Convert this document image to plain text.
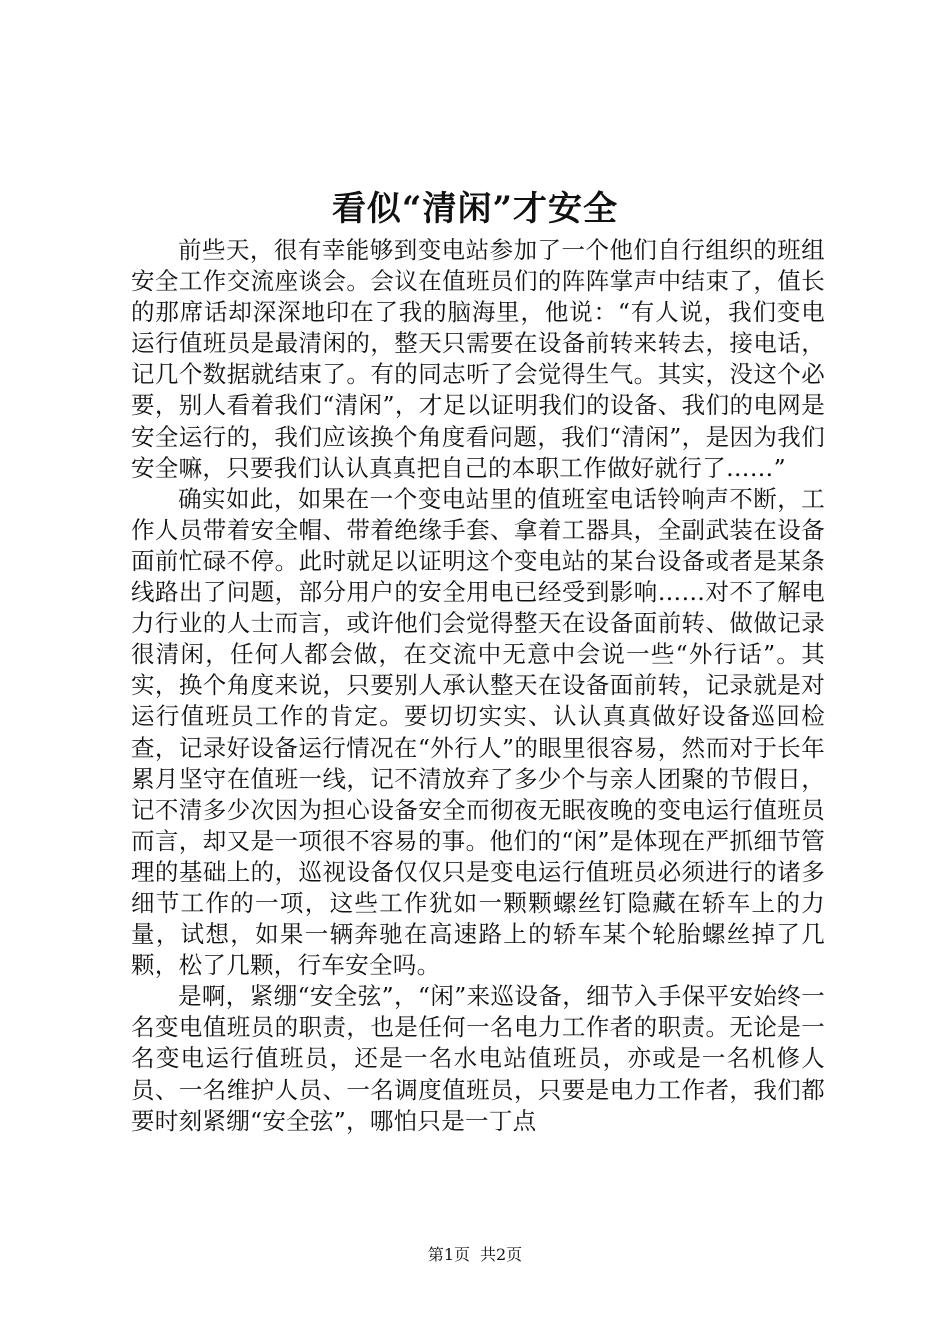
看似“清闲”才安全

前些天，很有幸能够到变电站参加了一个他们自行组织的班组安全工作交流座谈会。会议在值班员们的阵阵掌声中结束了，值长的那席话却深深地印在了我的脑海里，他说：“有人说，我们变电运行值班员是最清闲的，整天只需要在设备前转来转去，接电话，记几个数据就结束了。有的同志听了会觉得生气。其实，没这个必要，别人看着我们“清闲”，才足以证明我们的设备、我们的电网是安全运行的，我们应该换个角度看问题，我们“清闲”，是因为我们安全嘛，只要我们认认真真把自己的本职工作做好就行了……”

确实如此，如果在一个变电站里的值班室电话铃响声不断，工作人员带着安全帽、带着绝缘手套、拿着工器具，全副武装在设备面前忙碌不停。此时就足以证明这个变电站的某台设备或者是某条线路出了问题，部分用户的安全用电已经受到影响……对不了解电力行业的人士而言，或许他们会觉得整天在设备面前转、做做记录很清闲，任何人都会做，在交流中无意中会说一些“外行话”。其实，换个角度来说，只要别人承认整天在设备面前转，记录就是对运行值班员工作的肯定。要切切实实、认认真真做好设备巡回检查，记录好设备运行情况在“外行人”的眼里很容易，然而对于长年累月坚守在值班一线，记不清放弃了多少个与亲人团聚的节假日，记不清多少次因为担心设备安全而彻夜无眠夜晚的变电运行值班员而言，却又是一项很不容易的事。他们的“闲”是体现在严抓细节管理的基础上的，巡视设备仅仅只是变电运行值班员必须进行的诸多细节工作的一项，这些工作犹如一颗颗螺丝钉隐藏在轿车上的力量，试想，如果一辆奔驰在高速路上的轿车某个轮胎螺丝掉了几颗，松了几颗，行车安全吗。

是啊，紧绷“安全弦”，“闲”来巡设备，细节入手保平安始终一名变电值班员的职责，也是任何一名电力工作者的职责。无论是一名变电运行值班员，还是一名水电站值班员，亦或是一名机修人员、一名维护人员、一名调度值班员，只要是电力工作者，我们都要时刻紧绷“安全弦”，哪怕只是一丁点

第1页 共2页
